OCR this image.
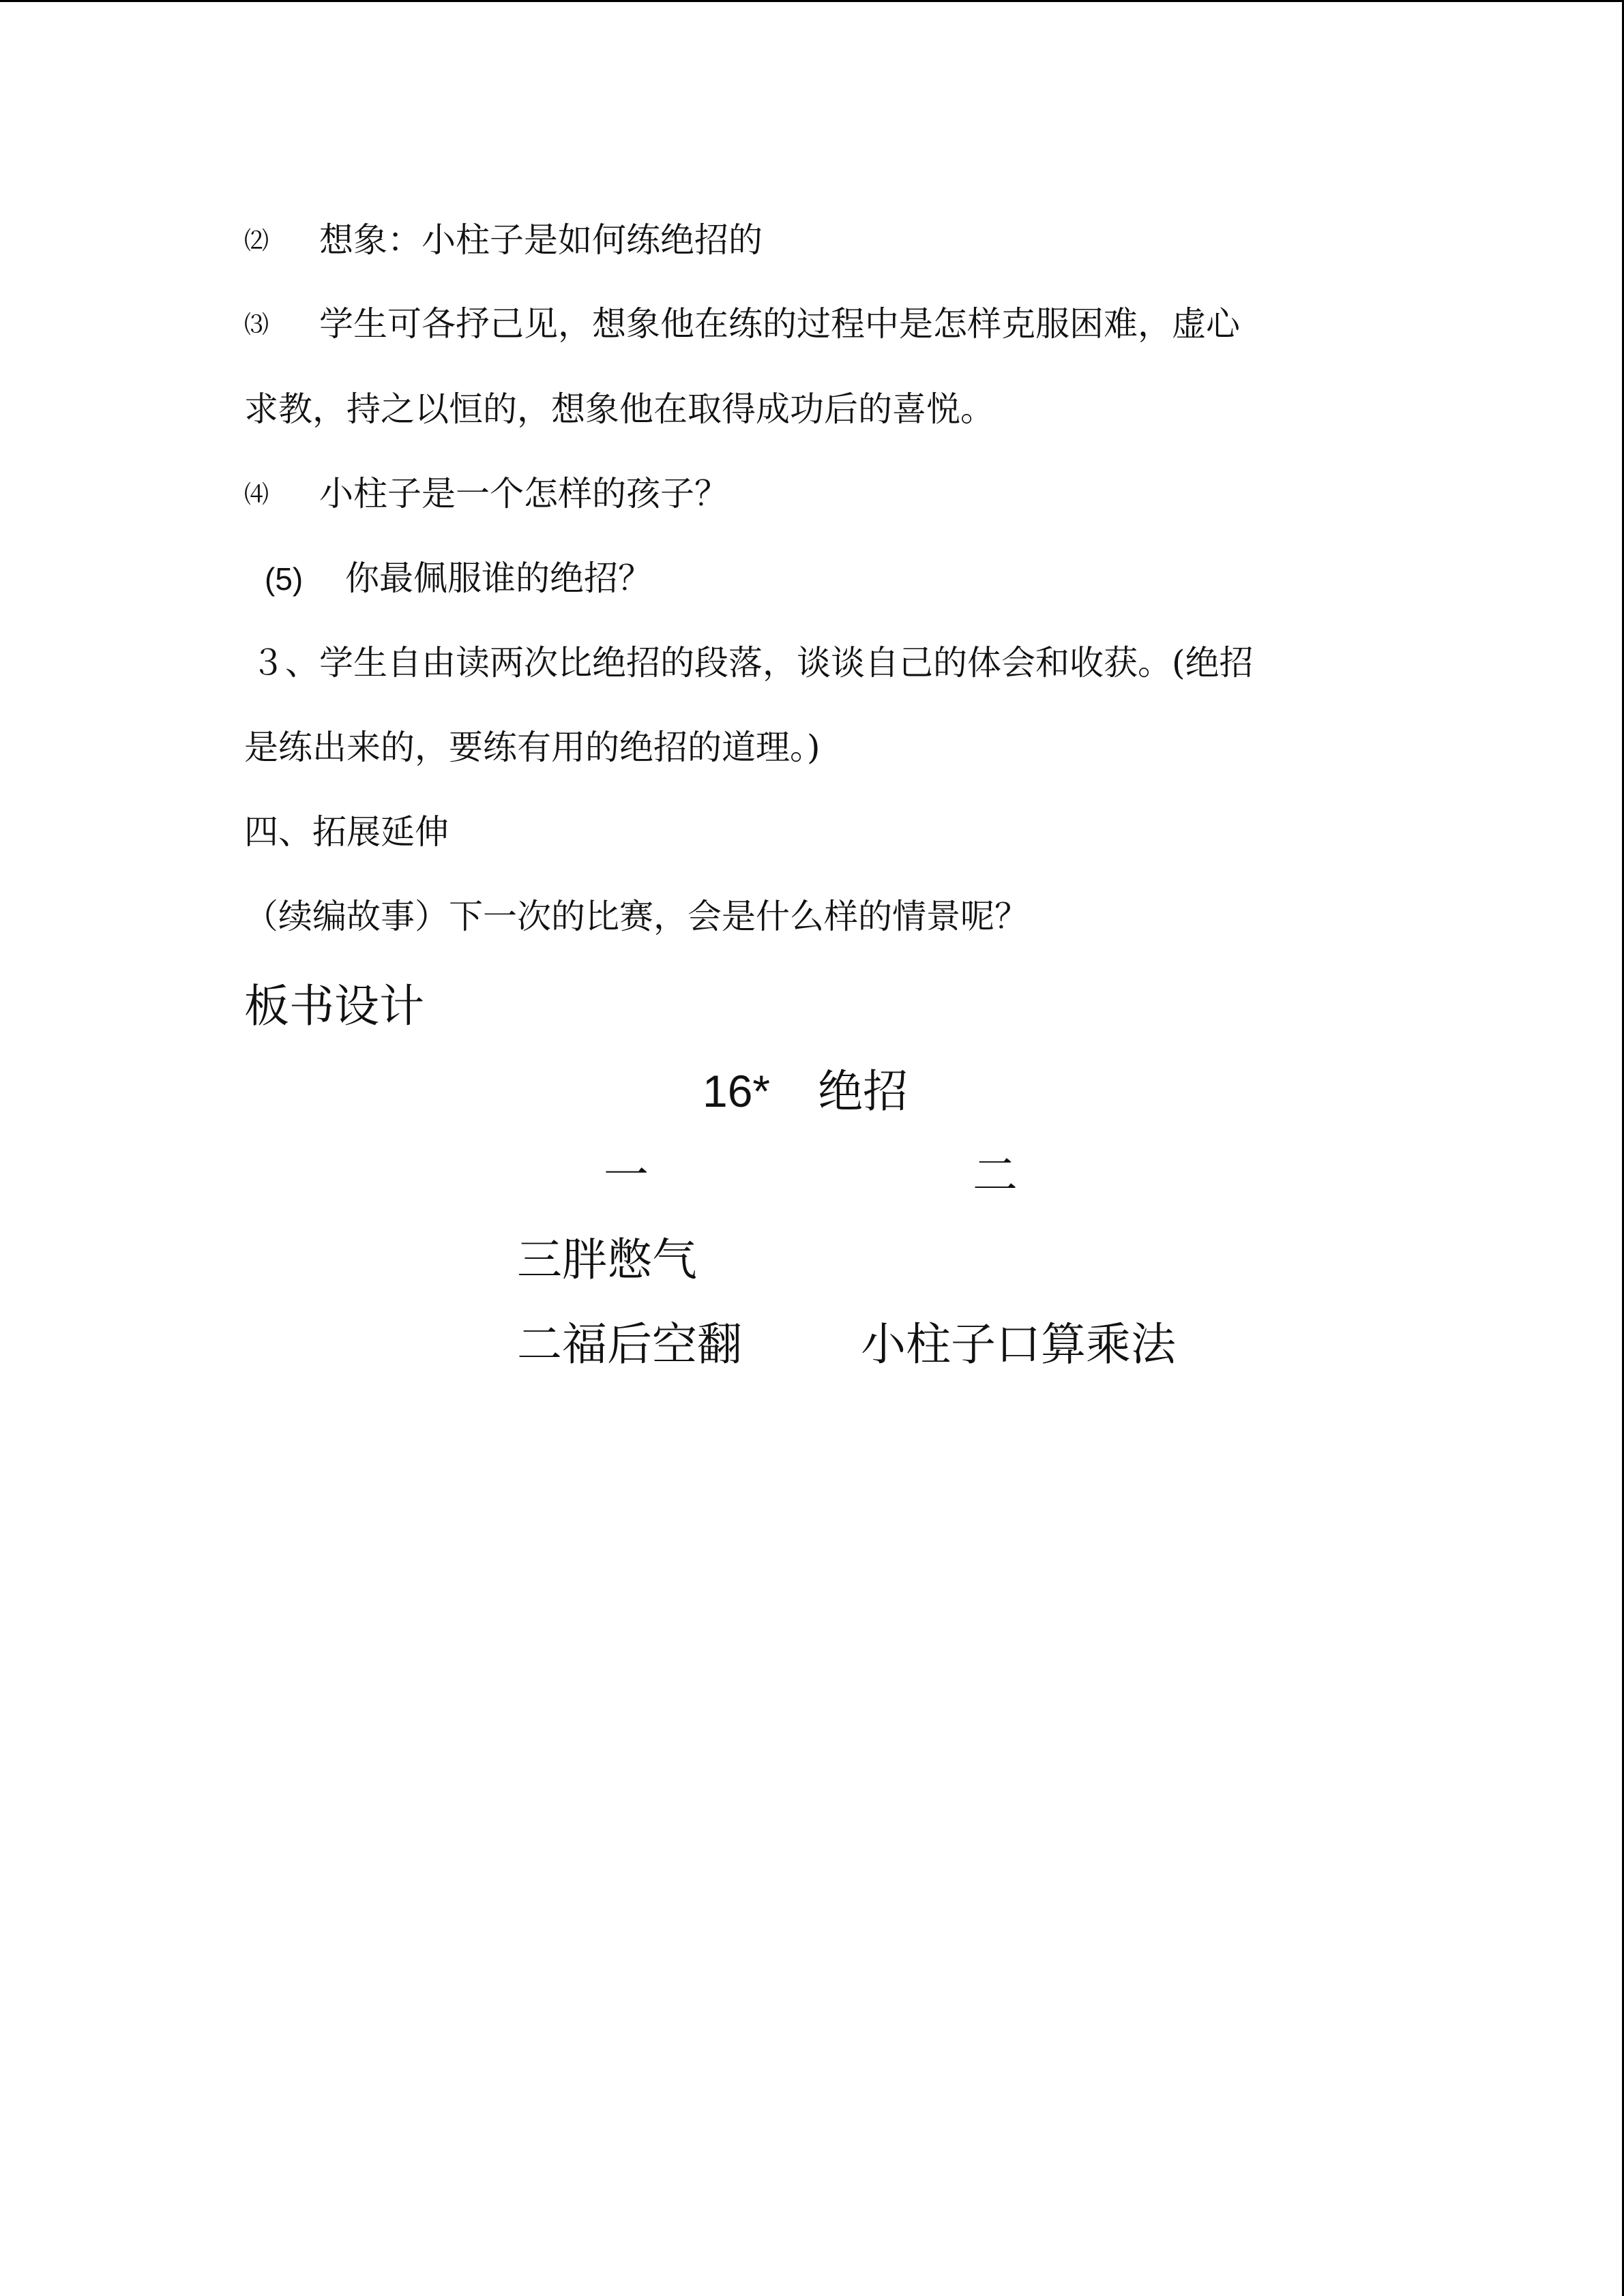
⑵ 想象：小柱子是如何练绝招的
⑶ 学生可各抒己见，想象他在练的过程中是怎样克服困难，虚心
求教，持之以恒的，想象他在取得成功后的喜悦。
⑷ 小柱子是一个怎样的孩子？
(5) 你最佩服谁的绝招？
３、学生自由读两次比绝招的段落，谈谈自己的体会和收获。(绝招
是练出来的，要练有用的绝招的道理。)
四、拓展延伸
（续编故事）下一次的比赛，会是什么样的情景呢？
板书设计
16* 绝招
一	二
三胖憋气
二福后空翻	小柱子口算乘法
